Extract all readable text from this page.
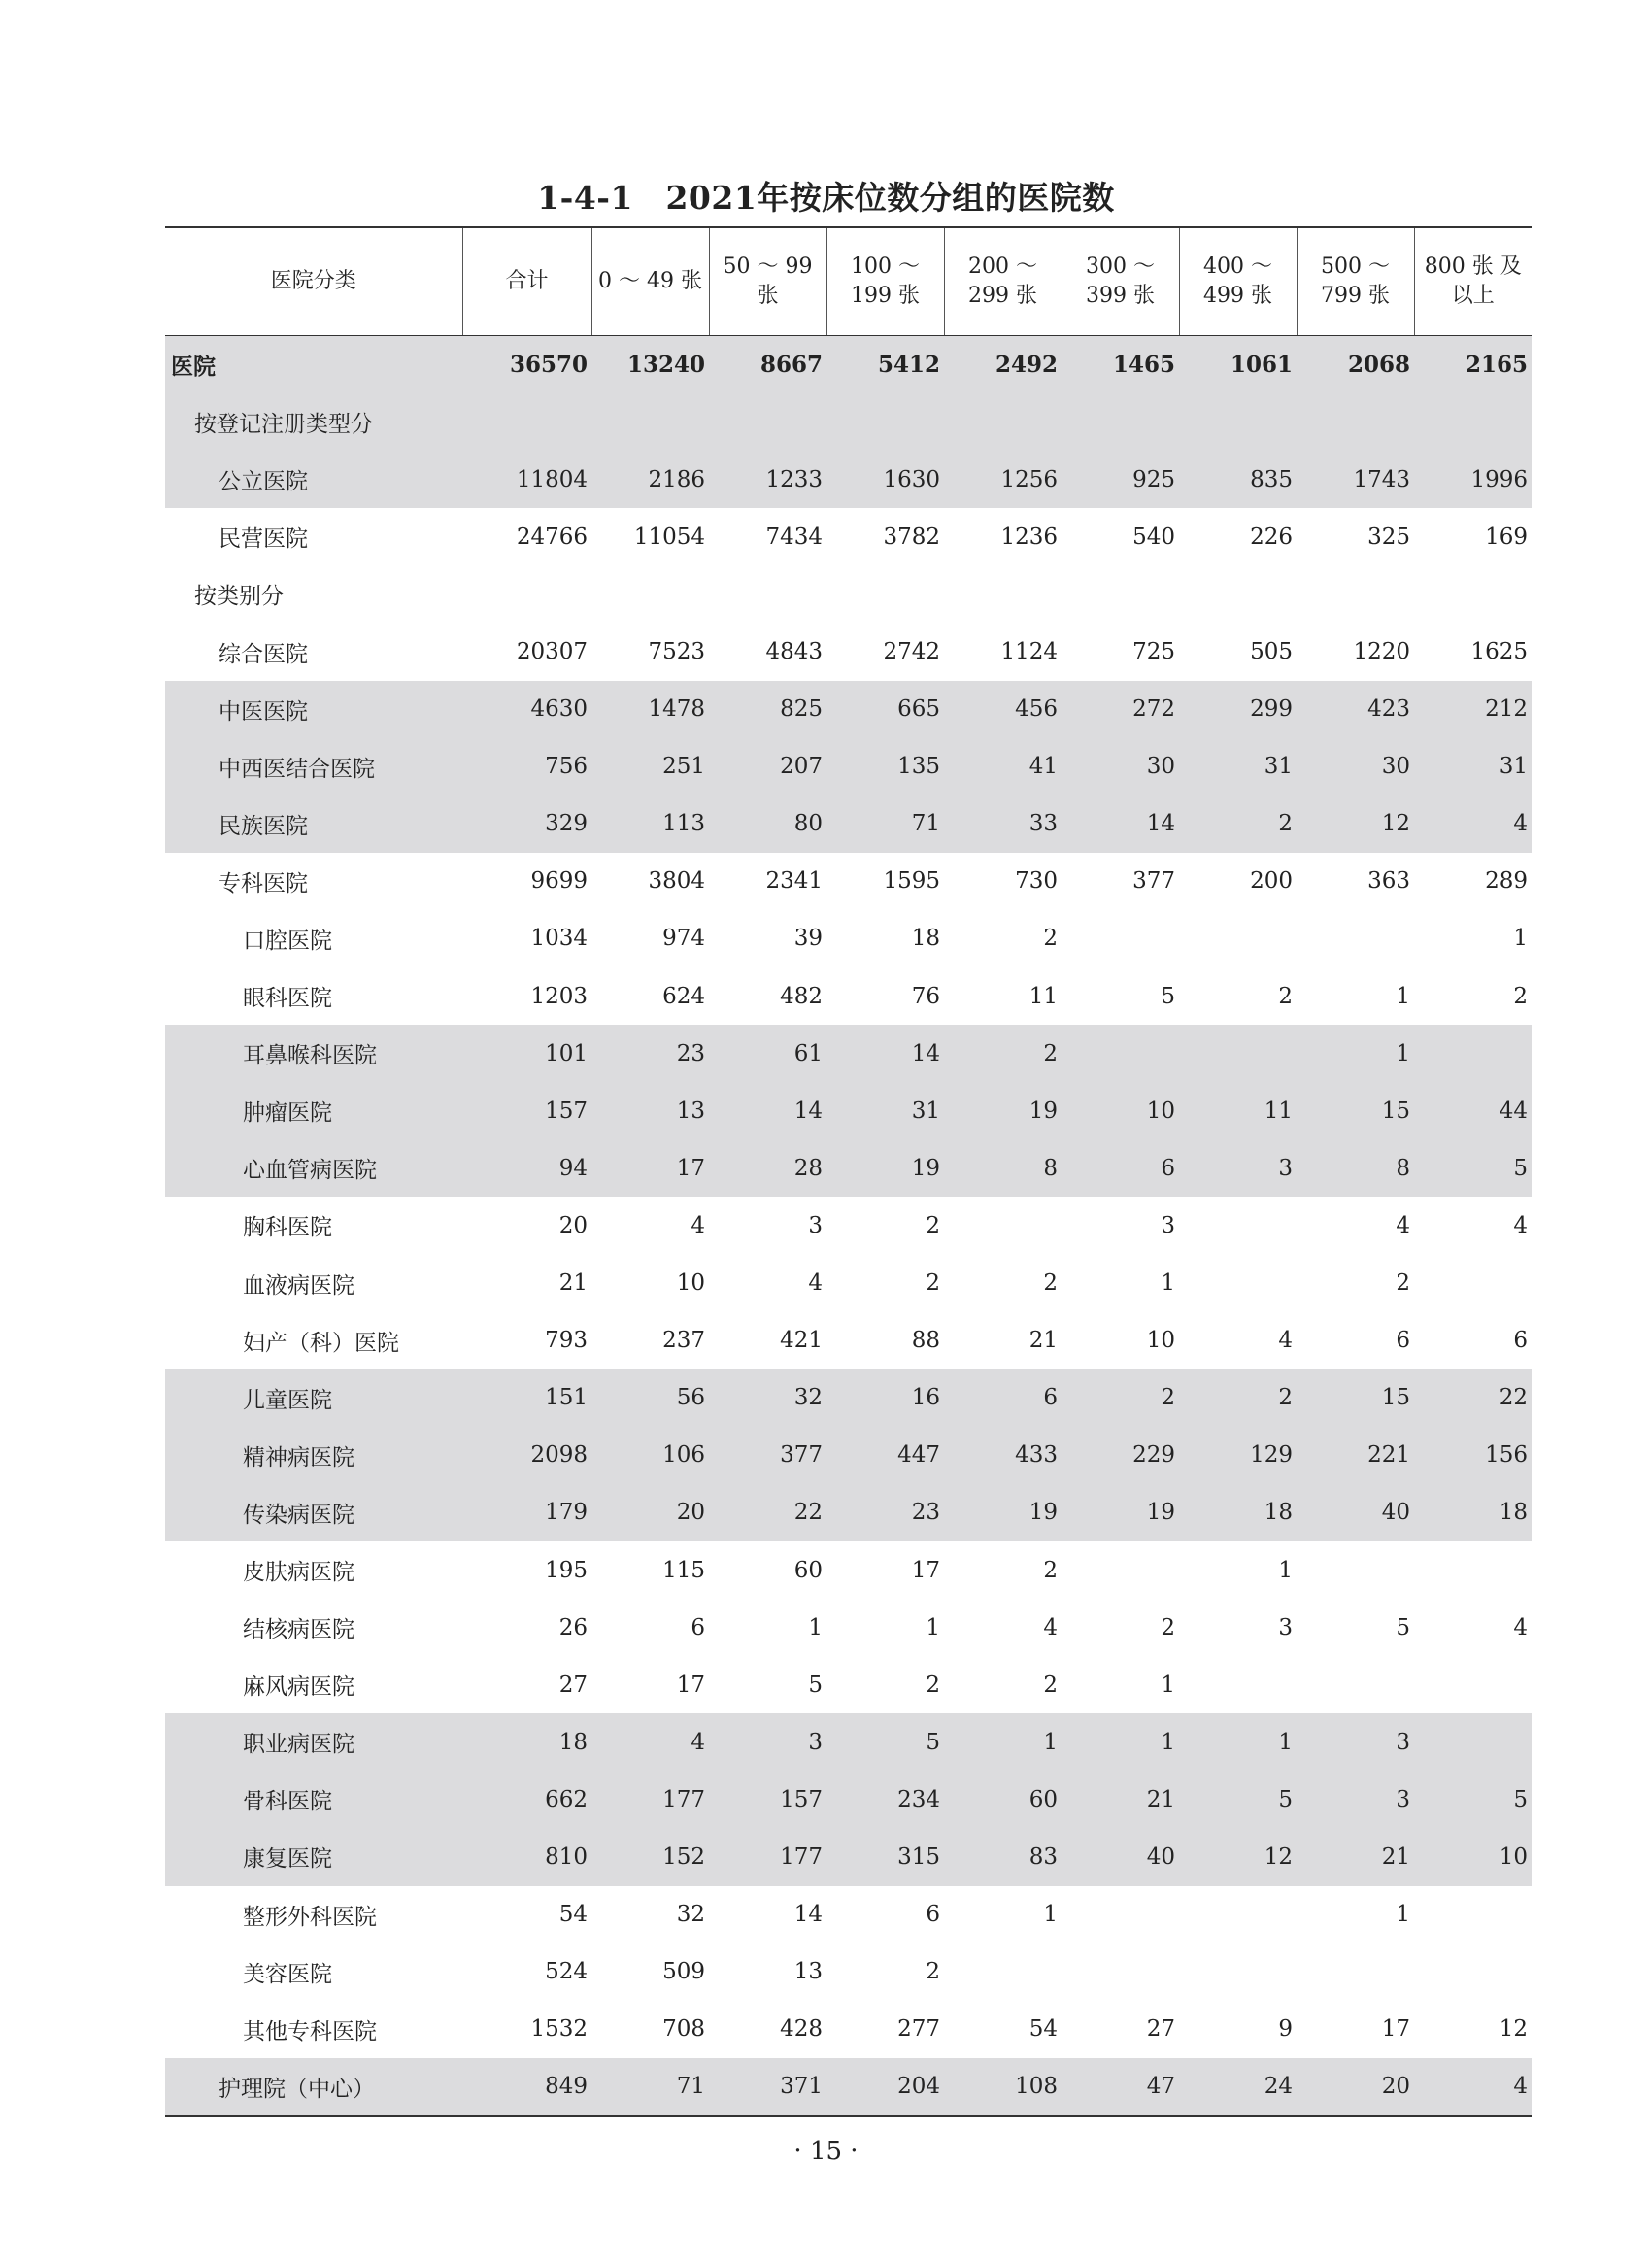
1-4-1　2021年按床位数分组的医院数
医院分类	合计	0 ～ 49 张	50 ～ 99 张	100 ～ 199 张	200 ～ 299 张	300 ～ 399 张	400 ～ 499 张	500 ～ 799 张	800 张 及以上
医院	36570	13240	8667	5412	2492	1465	1061	2068	2165
按登记注册类型分									
公立医院	11804	2186	1233	1630	1256	925	835	1743	1996
民营医院	24766	11054	7434	3782	1236	540	226	325	169
按类别分									
综合医院	20307	7523	4843	2742	1124	725	505	1220	1625
中医医院	4630	1478	825	665	456	272	299	423	212
中西医结合医院	756	251	207	135	41	30	31	30	31
民族医院	329	113	80	71	33	14	2	12	4
专科医院	9699	3804	2341	1595	730	377	200	363	289
口腔医院	1034	974	39	18	2				1
眼科医院	1203	624	482	76	11	5	2	1	2
耳鼻喉科医院	101	23	61	14	2			1	
肿瘤医院	157	13	14	31	19	10	11	15	44
心血管病医院	94	17	28	19	8	6	3	8	5
胸科医院	20	4	3	2		3		4	4
血液病医院	21	10	4	2	2	1		2	
妇产（科）医院	793	237	421	88	21	10	4	6	6
儿童医院	151	56	32	16	6	2	2	15	22
精神病医院	2098	106	377	447	433	229	129	221	156
传染病医院	179	20	22	23	19	19	18	40	18
皮肤病医院	195	115	60	17	2		1		
结核病医院	26	6	1	1	4	2	3	5	4
麻风病医院	27	17	5	2	2	1			
职业病医院	18	4	3	5	1	1	1	3	
骨科医院	662	177	157	234	60	21	5	3	5
康复医院	810	152	177	315	83	40	12	21	10
整形外科医院	54	32	14	6	1			1	
美容医院	524	509	13	2					
其他专科医院	1532	708	428	277	54	27	9	17	12
护理院（中心）	849	71	371	204	108	47	24	20	4
· 15 ·
